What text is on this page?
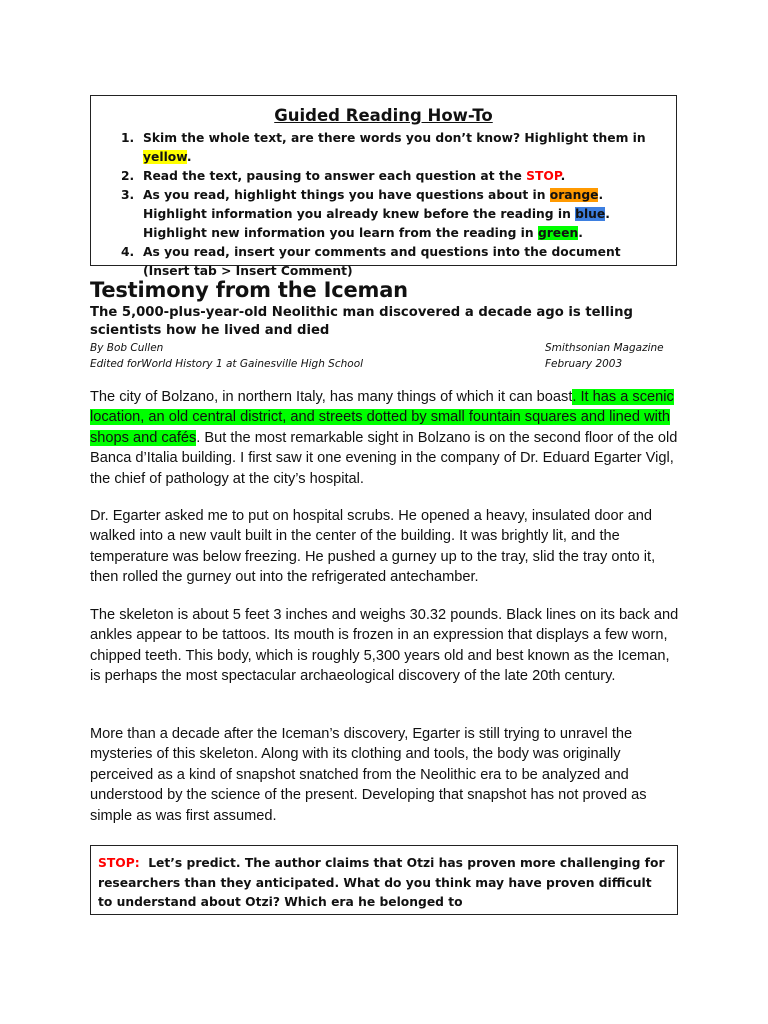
Guided Reading How-To
1. Skim the whole text, are there words you don’t know? Highlight them in yellow.
2. Read the text, pausing to answer each question at the STOP.
3. As you read, highlight things you have questions about in orange. Highlight information you already knew before the reading in blue. Highlight new information you learn from the reading in green.
4. As you read, insert your comments and questions into the document (Insert tab > Insert Comment)
Testimony from the Iceman
The 5,000-plus-year-old Neolithic man discovered a decade ago is telling scientists how he lived and died
By Bob Cullen	Smithsonian Magazine
Edited forWorld History 1 at Gainesville High School	February 2003

The city of Bolzano, in northern Italy, has many things of which it can boast. It has a scenic location, an old central district, and streets dotted by small fountain squares and lined with shops and cafés. But the most remarkable sight in Bolzano is on the second floor of the old Banca d’Italia building. I first saw it one evening in the company of Dr. Eduard Egarter Vigl, the chief of pathology at the city’s hospital.

Dr. Egarter asked me to put on hospital scrubs. He opened a heavy, insulated door and walked into a new vault built in the center of the building. It was brightly lit, and the temperature was below freezing. He pushed a gurney up to the tray, slid the tray onto it, then rolled the gurney out into the refrigerated antechamber.

The skeleton is about 5 feet 3 inches and weighs 30.32 pounds. Black lines on its back and ankles appear to be tattoos. Its mouth is frozen in an expression that displays a few worn, chipped teeth. This body, which is roughly 5,300 years old and best known as the Iceman, is perhaps the most spectacular archaeological discovery of the late 20th century.

More than a decade after the Iceman’s discovery, Egarter is still trying to unravel the mysteries of this skeleton. Along with its clothing and tools, the body was originally perceived as a kind of snapshot snatched from the Neolithic era to be analyzed and understood by the science of the present. Developing that snapshot has not proved as simple as was first assumed.

STOP:  Let’s predict. The author claims that Otzi has proven more challenging for researchers than they anticipated. What do you think may have proven difficult to understand about Otzi? Which era he belonged to
